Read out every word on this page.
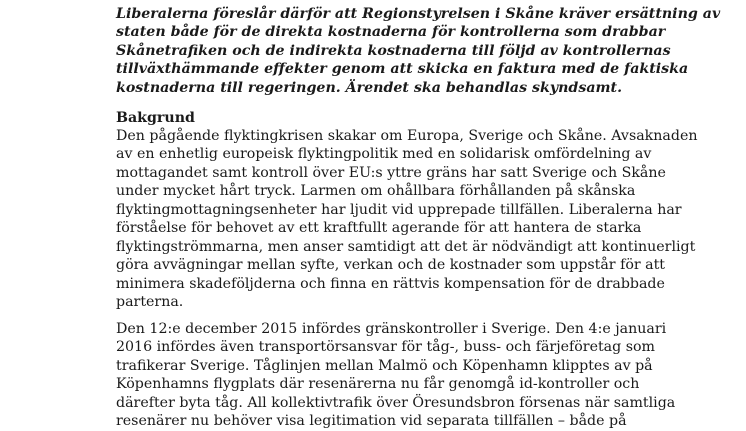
Liberalerna föreslår därför att Regionstyrelsen i Skåne kräver ersättning av
staten både för de direkta kostnaderna för kontrollerna som drabbar
Skånetrafiken och de indirekta kostnaderna till följd av kontrollernas
tillväxthämmande effekter genom att skicka en faktura med de faktiska
kostnaderna till regeringen. Ärendet ska behandlas skyndsamt.
Bakgrund
Den pågående flyktingkrisen skakar om Europa, Sverige och Skåne. Avsaknaden
av en enhetlig europeisk flyktingpolitik med en solidarisk omfördelning av
mottagandet samt kontroll över EU:s yttre gräns har satt Sverige och Skåne
under mycket hårt tryck. Larmen om ohållbara förhållanden på skånska
flyktingmottagningsenheter har ljudit vid upprepade tillfällen. Liberalerna har
förståelse för behovet av ett kraftfullt agerande för att hantera de starka
flyktingströmmarna, men anser samtidigt att det är nödvändigt att kontinuerligt
göra avvägningar mellan syfte, verkan och de kostnader som uppstår för att
minimera skadeföljderna och finna en rättvis kompensation för de drabbade
parterna.
Den 12:e december 2015 infördes gränskontroller i Sverige. Den 4:e januari
2016 infördes även transportörsansvar för tåg-, buss- och färjeföretag som
trafikerar Sverige. Tåglinjen mellan Malmö och Köpenhamn klipptes av på
Köpenhamns flygplats där resenärerna nu får genomgå id-kontroller och
därefter byta tåg. All kollektivtrafik över Öresundsbron försenas när samtliga
resenärer nu behöver visa legitimation vid separata tillfällen – både på
